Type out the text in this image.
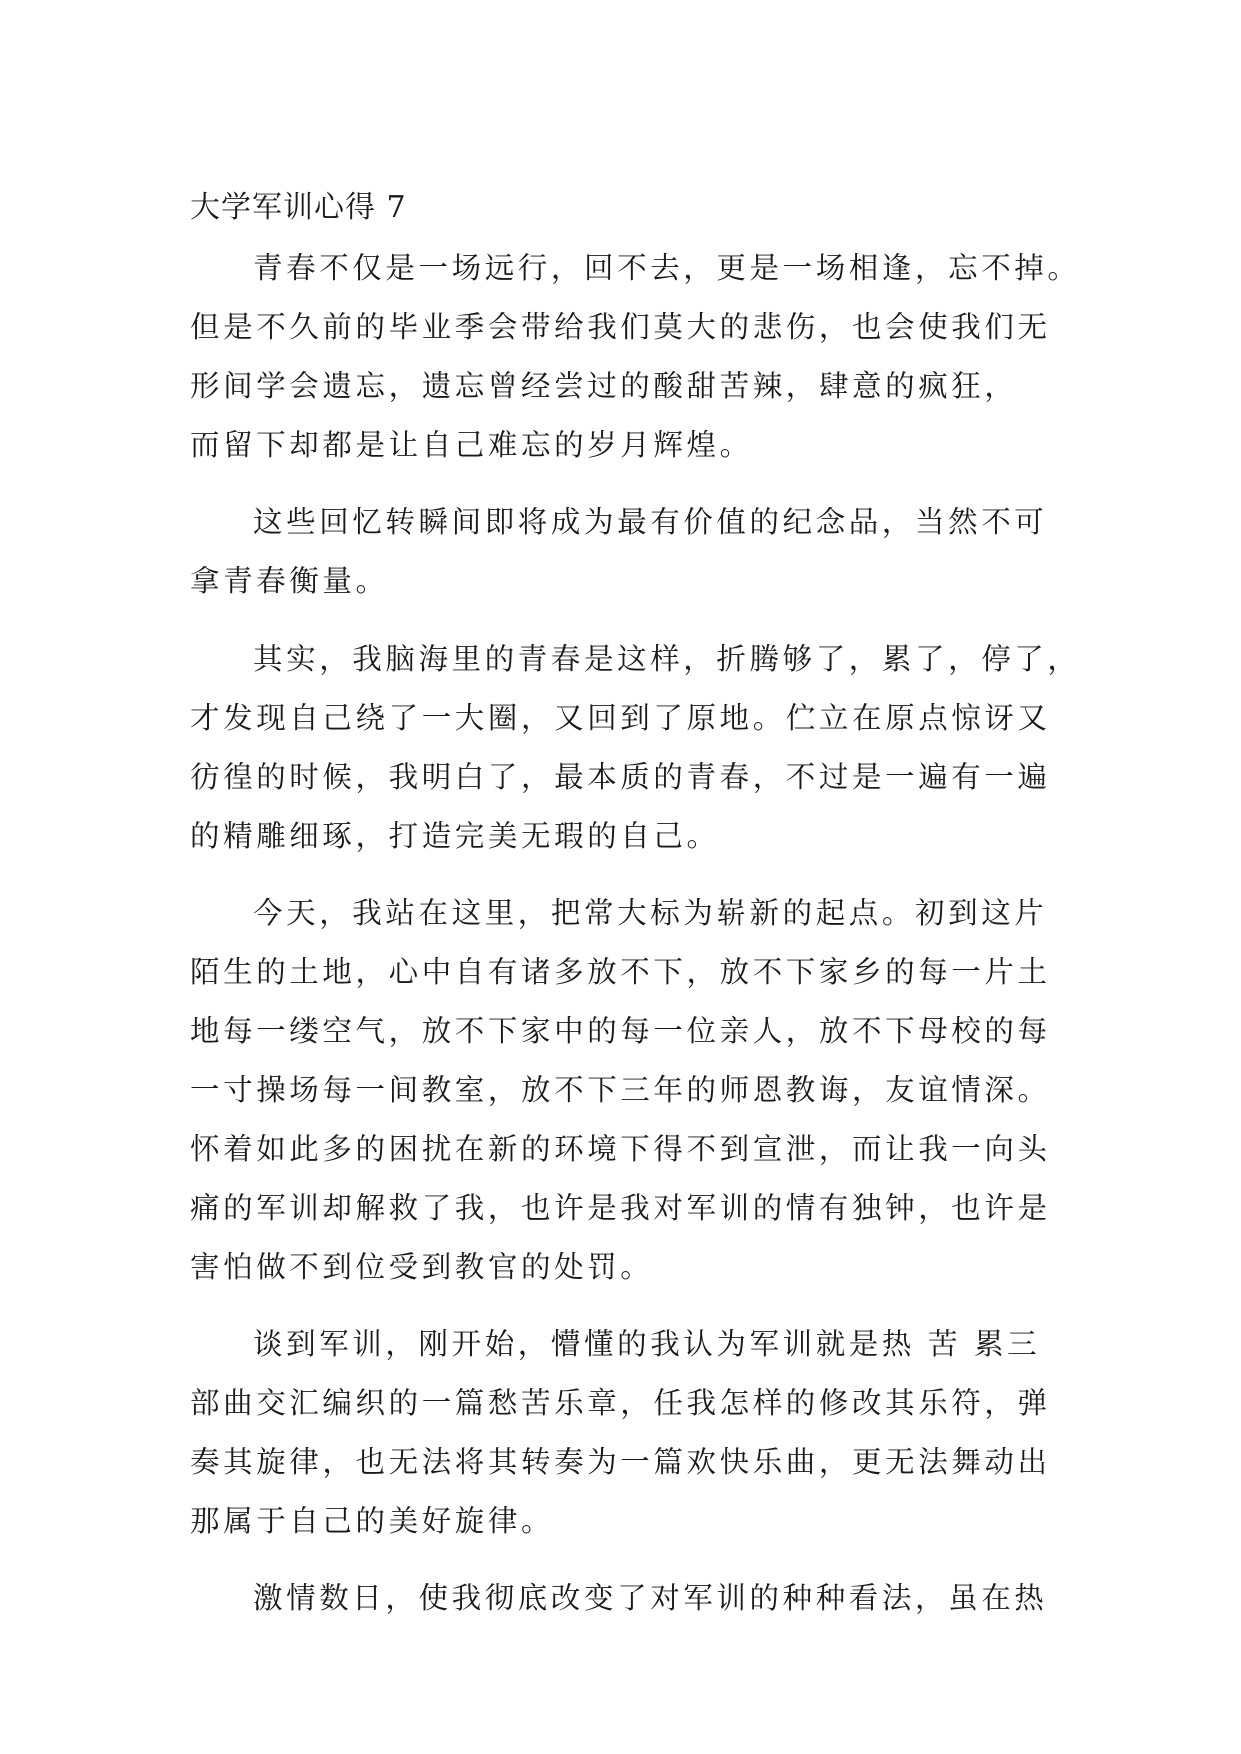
大学军训心得 7
青春不仅是一场远行，回不去，更是一场相逢，忘不掉。
但是不久前的毕业季会带给我们莫大的悲伤，也会使我们无
形间学会遗忘，遗忘曾经尝过的酸甜苦辣，肆意的疯狂，
而留下却都是让自己难忘的岁月辉煌。
这些回忆转瞬间即将成为最有价值的纪念品，当然不可
拿青春衡量。
其实，我脑海里的青春是这样，折腾够了，累了，停了，
才发现自己绕了一大圈，又回到了原地。伫立在原点惊讶又
彷徨的时候，我明白了，最本质的青春，不过是一遍有一遍
的精雕细琢，打造完美无瑕的自己。
今天，我站在这里，把常大标为崭新的起点。初到这片
陌生的土地，心中自有诸多放不下，放不下家乡的每一片土
地每一缕空气，放不下家中的每一位亲人，放不下母校的每
一寸操场每一间教室，放不下三年的师恩教诲，友谊情深。
怀着如此多的困扰在新的环境下得不到宣泄，而让我一向头
痛的军训却解救了我，也许是我对军训的情有独钟，也许是
害怕做不到位受到教官的处罚。
谈到军训，刚开始，懵懂的我认为军训就是热 苦 累三
部曲交汇编织的一篇愁苦乐章，任我怎样的修改其乐符，弹
奏其旋律，也无法将其转奏为一篇欢快乐曲，更无法舞动出
那属于自己的美好旋律。
激情数日，使我彻底改变了对军训的种种看法，虽在热
